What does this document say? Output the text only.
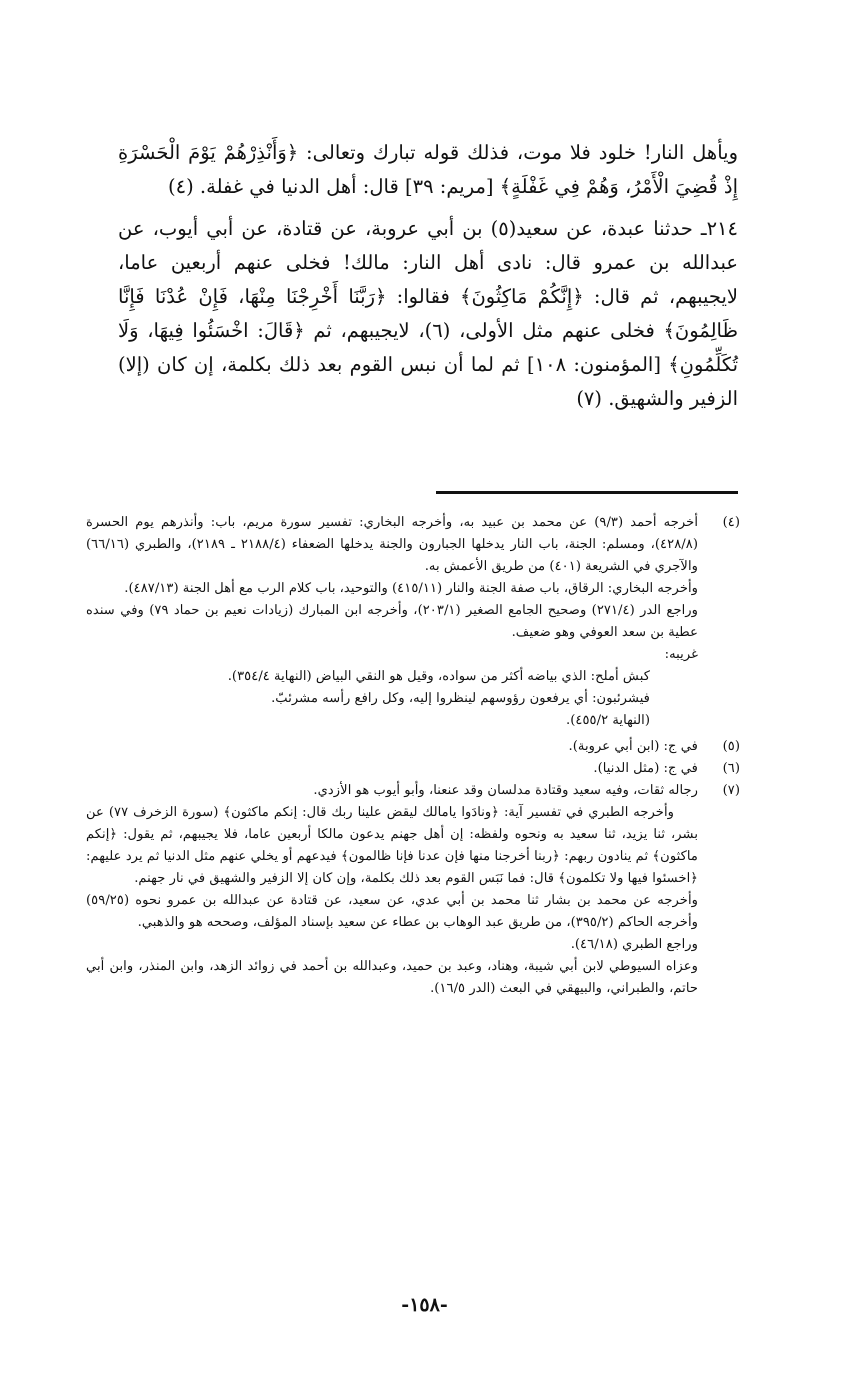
ويأهل النار! خلود فلا موت، فذلك قوله تبارك وتعالى: ﴿وَأَنْذِرْهُمْ يَوْمَ الْحَسْرَةِ إِذْ قُضِيَ الْأَمْرُ، وَهُمْ فِي غَفْلَةٍ﴾ [مريم: ٣٩] قال: أهل الدنيا في غفلة. (٤)

٢١٤ـ حدثنا عبدة، عن سعيد(٥) بن أبي عروبة، عن قتادة، عن أبي أيوب، عن عبدالله بن عمرو قال: نادى أهل النار: مالك! فخلى عنهم أربعين عاما، لايجيبهم، ثم قال: ﴿إِنَّكُمْ مَاكِثُونَ﴾ فقالوا: ﴿رَبَّنَا أَخْرِجْنَا مِنْهَا، فَإِنْ عُدْنَا فَإِنَّا ظَالِمُونَ﴾ فخلى عنهم مثل الأولى، (٦)، لايجيبهم، ثم ﴿قَالَ: اخْسَئُوا فِيهَا، وَلَا تُكَلِّمُونِ﴾ [المؤمنون: ١٠٨] ثم لما أن نبس القوم بعد ذلك بكلمة، إن كان (إلا) الزفير والشهيق. (٧)

(٤)

أخرجه أحمد (٩/٣) عن محمد بن عبيد به، وأخرجه البخاري: تفسير سورة مريم، باب: وأنذرهم يوم الحسرة (٤٢٨/٨)، ومسلم: الجنة، باب النار يدخلها الجبارون والجنة يدخلها الضعفاء (٢١٨٨/٤ ـ ٢١٨٩)، والطبري (٦٦/١٦) والآجري في الشريعة (٤٠١) من طريق الأعمش به.

وأخرجه البخاري: الرقاق، باب صفة الجنة والنار (٤١٥/١١) والتوحيد، باب كلام الرب مع أهل الجنة (٤٨٧/١٣).

وراجع الدر (٢٧١/٤) وصحيح الجامع الصغير (٢٠٣/١)، وأخرجه ابن المبارك (زيادات نعيم بن حماد ٧٩) وفي سنده عطية بن سعد العوفي وهو ضعيف.

غريبه:

كبش أملح: الذي بياضه أكثر من سواده، وقيل هو النقي البياض (النهاية ٣٥٤/٤).

فيشرئبون: أي يرفعون رؤوسهم لينظروا إليه، وكل رافع رأسه مشرئبّ.

(النهاية ٤٥٥/٢).

(٥)

في ج: (ابن أبي عروبة).

(٦)

في ج: (مثل الدنيا).

(٧)

رجاله ثقات، وفيه سعيد وقتادة مدلسان وقد عنعنا، وأبو أيوب هو الأزدي.

وأخرجه الطبري في تفسير آية: ﴿ونادَوا يامالك ليقض علينا ربك قال: إنكم ماكثون﴾ (سورة الزخرف ٧٧) عن بشر، ثنا يزيد، ثنا سعيد به ونحوه ولفظه: إن أهل جهنم يدعون مالكا أربعين عاما، فلا يجيبهم، ثم يقول: ﴿إنكم ماكثون﴾ ثم ينادون ربهم: ﴿ربنا أخرجنا منها فإن عدنا فإنا ظالمون﴾ فيدعهم أو يخلي عنهم مثل الدنيا ثم يرد عليهم: ﴿اخسئوا فيها ولا تكلمون﴾ قال: فما نَبَس القوم بعد ذلك بكلمة، وإن كان إلا الزفير والشهيق في نار جهنم.

وأخرجه عن محمد بن بشار ثنا محمد بن أبي عدي، عن سعيد، عن قتادة عن عبدالله بن عمرو نحوه (٥٩/٢٥) وأخرجه الحاكم (٣٩٥/٢)، من طريق عبد الوهاب بن عطاء عن سعيد بإسناد المؤلف، وصححه هو والذهبي.

وراجع الطبري (٤٦/١٨).

وعزاه السيوطي لابن أبي شيبة، وهناد، وعبد بن حميد، وعبدالله بن أحمد في زوائد الزهد، وابن المنذر، وابن أبي حاتم، والطبراني، والبيهقي في البعث (الدر ١٦/٥).

-١٥٨-
